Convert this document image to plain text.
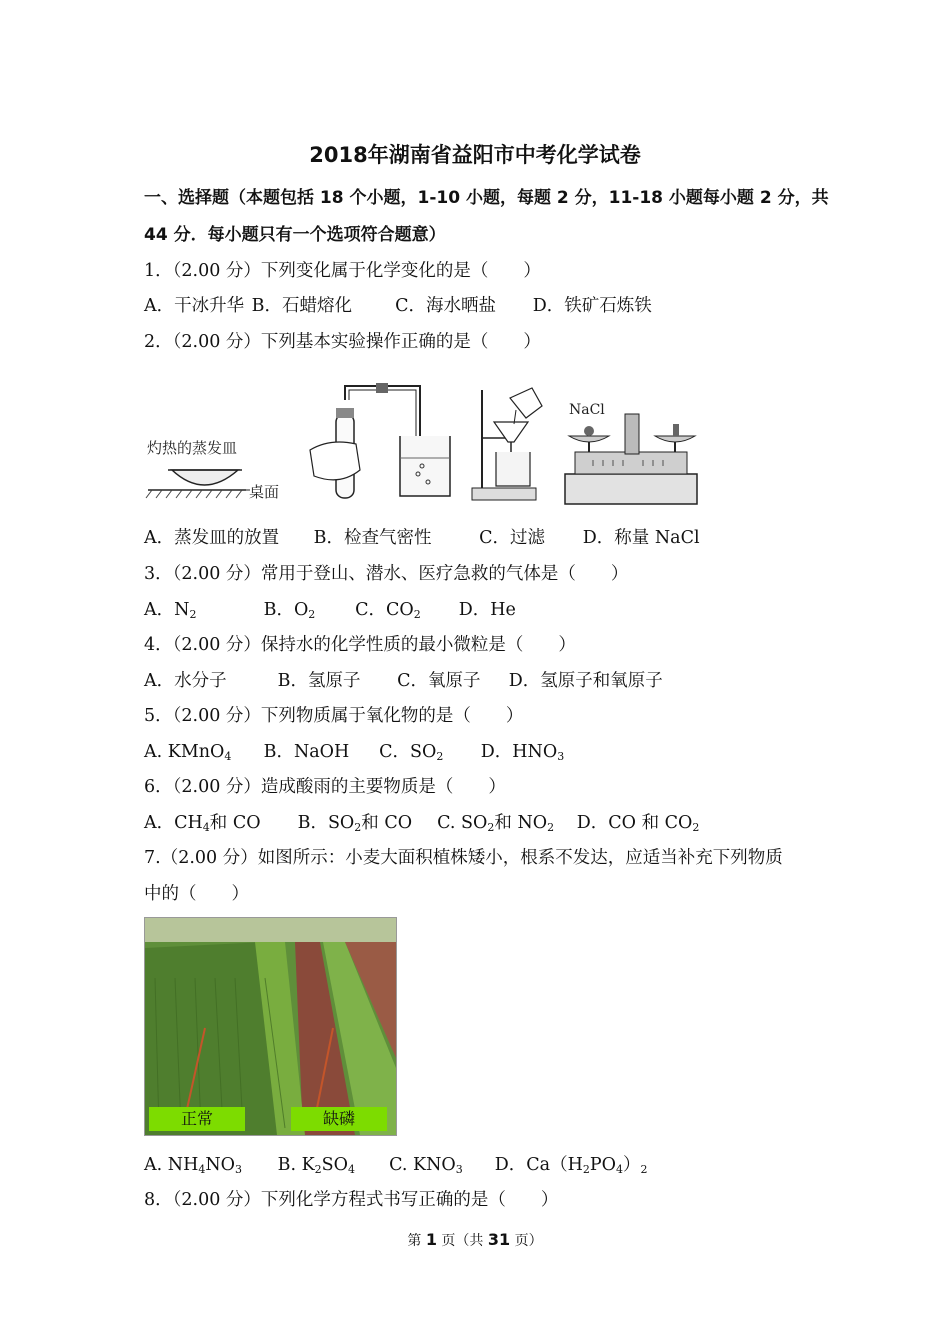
2018年湖南省益阳市中考化学试卷
一、选择题（本题包括 18 个小题，1-10 小题，每题 2 分，11-18 小题每小题 2 分，共
44 分．每小题只有一个选项符合题意）
1．（2.00 分）下列变化属于化学变化的是（　　）
A．干冰升华 B．石蜡熔化 C．海水晒盐 D．铁矿石炼铁
2．（2.00 分）下列基本实验操作正确的是（　　）
灼热的蒸发皿
桌面
NaCl
A．蒸发皿的放置 B．检查气密性	C．过滤 D．称量 NaCl
3．（2.00 分）常用于登山、潜水、医疗急救的气体是（　　）
A．$N_2$	B．$O_2$ C．$CO_2$ D．He
4．（2.00 分）保持水的化学性质的最小微粒是（　　）
A．水分子	B．氢原子 C．氧原子 D．氢原子和氧原子
5．（2.00 分）下列物质属于氧化物的是（　　）
A. KMnO$_4$ B．NaOH C．$SO_2$ D．$HNO_3$
6．（2.00 分）造成酸雨的主要物质是（　　）
A．$CH_4$和 CO B．$SO_2$和 CO C. $SO_2$和 $NO_2$ D．CO 和 $CO_2$
7.（2.00 分）如图所示：小麦大面积植株矮小，根系不发达，应适当补充下列物质
中的（　　）
正常	缺磷
A. $NH_4NO_3$ B. $K_2SO_4$ C. $KNO_3$ D．$Ca(H_2PO_4)_2$
8．（2.00 分）下列化学方程式书写正确的是（　　）
第 1 页（共 31 页）
